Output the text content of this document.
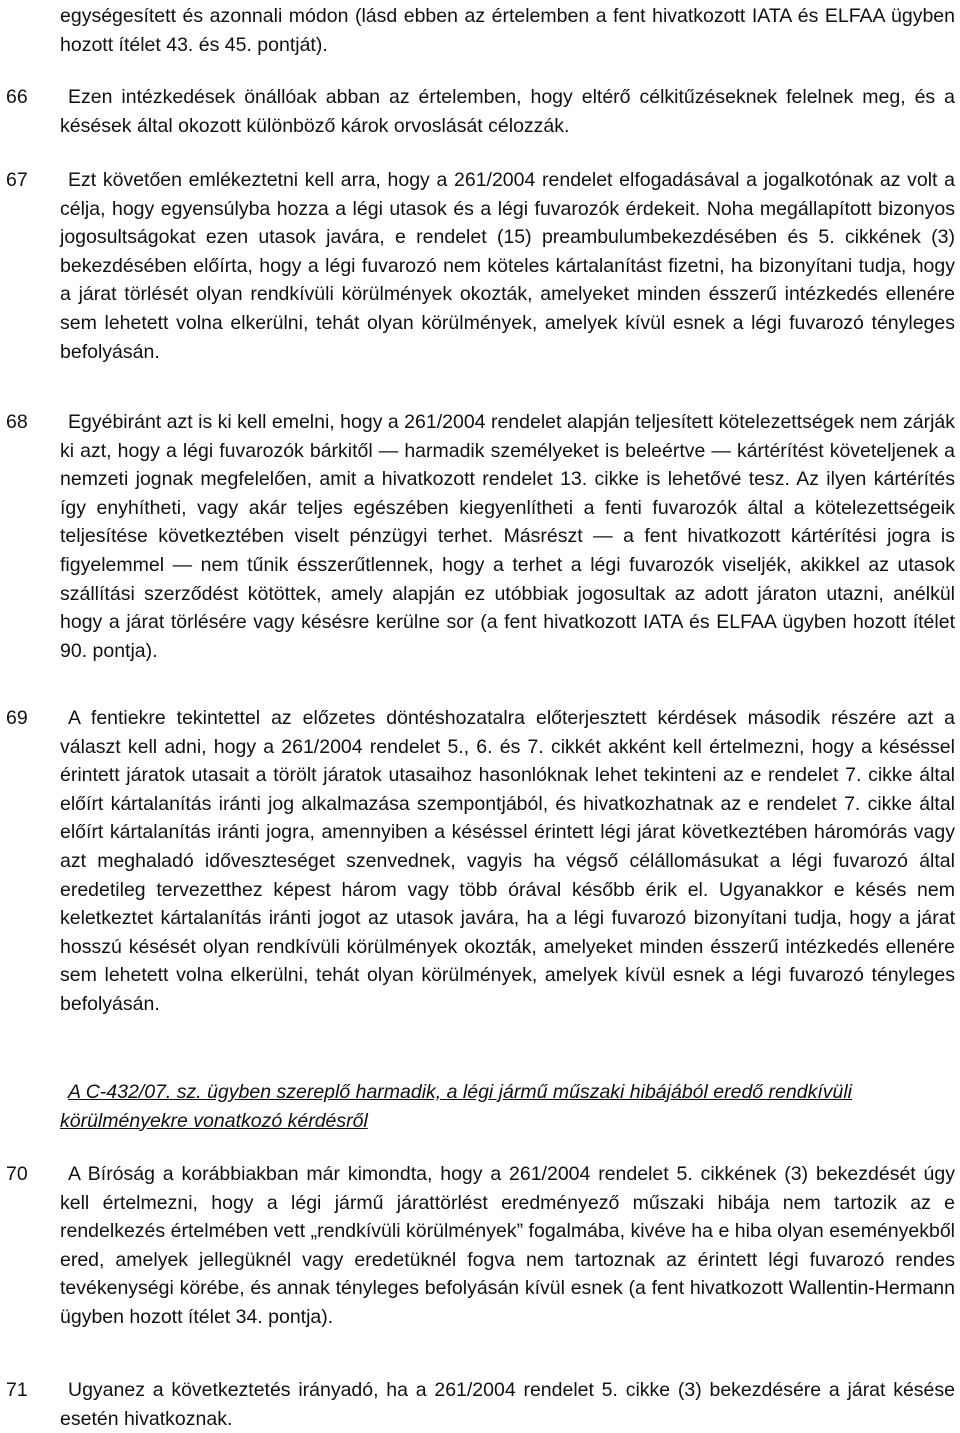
egységesített és azonnali módon (lásd ebben az értelemben a fent hivatkozott IATA és ELFAA ügyben hozott ítélet 43. és 45. pontját).
66	Ezen intézkedések önállóak abban az értelemben, hogy eltérő célkitűzéseknek felelnek meg, és a késések által okozott különböző károk orvoslását célozzák.
67	Ezt követően emlékeztetni kell arra, hogy a 261/2004 rendelet elfogadásával a jogalkotónak az volt a célja, hogy egyensúlyba hozza a légi utasok és a légi fuvarozók érdekeit. Noha megállapított bizonyos jogosultságokat ezen utasok javára, e rendelet (15) preambulumbekezdésében és 5. cikkének (3) bekezdésében előírta, hogy a légi fuvarozó nem köteles kártalanítást fizetni, ha bizonyítani tudja, hogy a járat törlését olyan rendkívüli körülmények okozták, amelyeket minden ésszerű intézkedés ellenére sem lehetett volna elkerülni, tehát olyan körülmények, amelyek kívül esnek a légi fuvarozó tényleges befolyásán.
68	Egyébiránt azt is ki kell emelni, hogy a 261/2004 rendelet alapján teljesített kötelezettségek nem zárják ki azt, hogy a légi fuvarozók bárkitől — harmadik személyeket is beleértve — kártérítést követeljenek a nemzeti jognak megfelelően, amit a hivatkozott rendelet 13. cikke is lehetővé tesz. Az ilyen kártérítés így enyhítheti, vagy akár teljes egészében kiegyenlítheti a fenti fuvarozók által a kötelezettségeik teljesítése következtében viselt pénzügyi terhet. Másrészt — a fent hivatkozott kártérítési jogra is figyelemmel — nem tűnik ésszerűtlennek, hogy a terhet a légi fuvarozók viseljék, akikkel az utasok szállítási szerződést kötöttek, amely alapján ez utóbbiak jogosultak az adott járaton utazni, anélkül hogy a járat törlésére vagy késésre kerülne sor (a fent hivatkozott IATA és ELFAA ügyben hozott ítélet 90. pontja).
69	A fentiekre tekintettel az előzetes döntéshozatalra előterjesztett kérdések második részére azt a választ kell adni, hogy a 261/2004 rendelet 5., 6. és 7. cikkét akként kell értelmezni, hogy a késéssel érintett járatok utasait a törölt járatok utasaihoz hasonlóknak lehet tekinteni az e rendelet 7. cikke által előírt kártalanítás iránti jog alkalmazása szempontjából, és hivatkozhatnak az e rendelet 7. cikke által előírt kártalanítás iránti jogra, amennyiben a késéssel érintett légi járat következtében háromórás vagy azt meghaladó időveszteséget szenvednek, vagyis ha végső célállomásukat a légi fuvarozó által eredetileg tervezetthez képest három vagy több órával később érik el. Ugyanakkor e késés nem keletkeztet kártalanítás iránti jogot az utasok javára, ha a légi fuvarozó bizonyítani tudja, hogy a járat hosszú késését olyan rendkívüli körülmények okozták, amelyeket minden ésszerű intézkedés ellenére sem lehetett volna elkerülni, tehát olyan körülmények, amelyek kívül esnek a légi fuvarozó tényleges befolyásán.
A C-432/07. sz. ügyben szereplő harmadik, a légi jármű műszaki hibájából eredő rendkívüli körülményekre vonatkozó kérdésről
70	A Bíróság a korábbiakban már kimondta, hogy a 261/2004 rendelet 5. cikkének (3) bekezdését úgy kell értelmezni, hogy a légi jármű járattörlést eredményező műszaki hibája nem tartozik az e rendelkezés értelmében vett „rendkívüli körülmények” fogalmába, kivéve ha e hiba olyan eseményekből ered, amelyek jellegüknél vagy eredetüknél fogva nem tartoznak az érintett légi fuvarozó rendes tevékenységi körébe, és annak tényleges befolyásán kívül esnek (a fent hivatkozott Wallentin-Hermann ügyben hozott ítélet 34. pontja).
71	Ugyanez a következtetés irányadó, ha a 261/2004 rendelet 5. cikke (3) bekezdésére a járat késése esetén hivatkoznak.
